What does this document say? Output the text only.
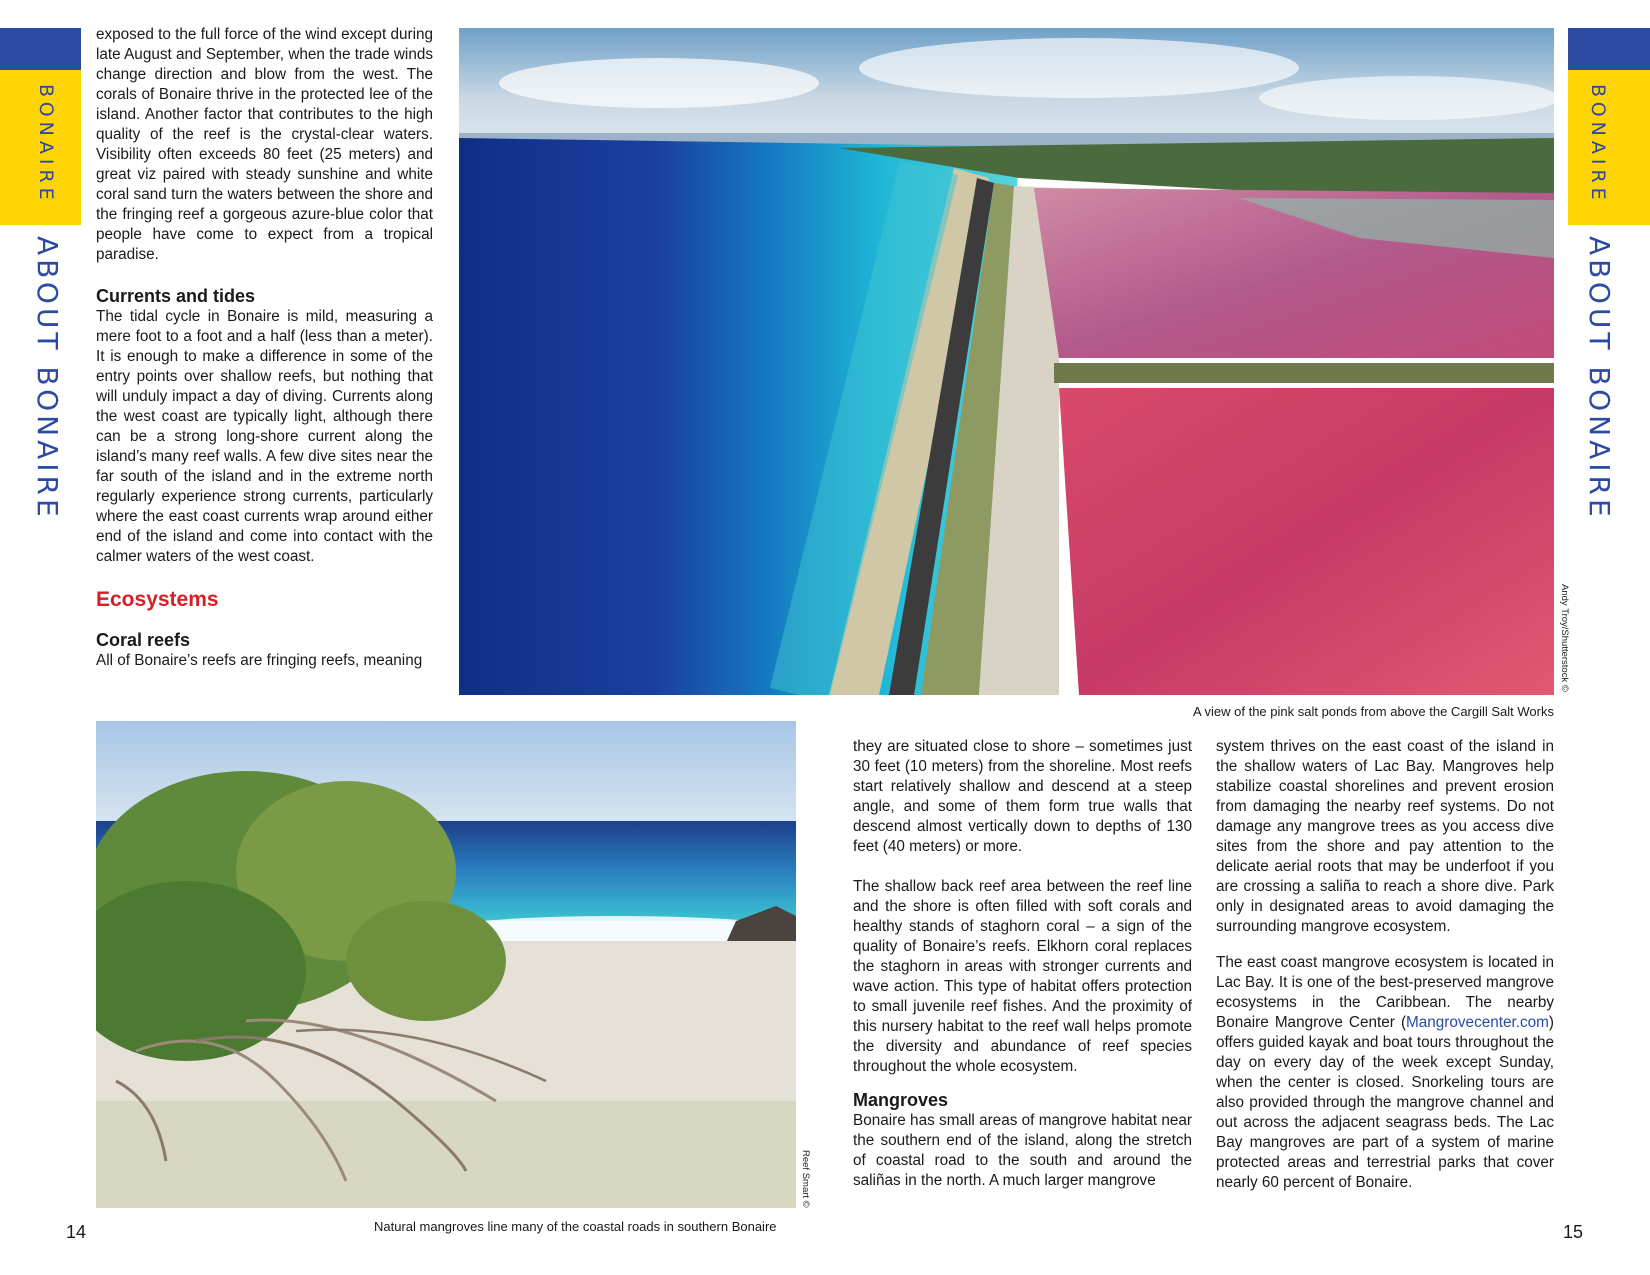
BONAIRE
ABOUT BONAIRE
BONAIRE
ABOUT BONAIRE

exposed to the full force of the wind except during late August and September, when the trade winds change direction and blow from the west. The corals of Bonaire thrive in the protected lee of the island. Another factor that contributes to the high quality of the reef is the crystal-clear waters. Visibility often exceeds 80 feet (25 meters) and great viz paired with steady sunshine and white coral sand turn the waters between the shore and the fringing reef a gorgeous azure-blue color that people have come to expect from a tropical paradise.

Currents and tides

The tidal cycle in Bonaire is mild, measuring a mere foot to a foot and a half (less than a meter). It is enough to make a difference in some of the entry points over shallow reefs, but nothing that will unduly impact a day of diving. Currents along the west coast are typically light, although there can be a strong long-shore current along the island’s many reef walls. A few dive sites near the far south of the island and in the extreme north regularly experience strong currents, particularly where the east coast currents wrap around either end of the island and come into contact with the calmer waters of the west coast.

Ecosystems

Coral reefs

All of Bonaire’s reefs are fringing reefs, meaning	Andy Troy/Shutterstock ©
A view of the pink salt ponds from above the Cargill Salt Works
Reef Smart ©
Natural mangroves line many of the coastal roads in southern Bonaire

they are situated close to shore – sometimes just 30 feet (10 meters) from the shoreline. Most reefs start relatively shallow and descend at a steep angle, and some of them form true walls that descend almost vertically down to depths of 130 feet (40 meters) or more.

The shallow back reef area between the reef line and the shore is often filled with soft corals and healthy stands of staghorn coral – a sign of the quality of Bonaire’s reefs. Elkhorn coral replaces the staghorn in areas with stronger currents and wave action. This type of habitat offers protection to small juvenile reef fishes. And the proximity of this nursery habitat to the reef wall helps promote the diversity and abundance of reef species throughout the whole ecosystem.

Mangroves

Bonaire has small areas of mangrove habitat near the southern end of the island, along the stretch of coastal road to the south and around the saliñas in the north. A much larger mangrove

system thrives on the east coast of the island in the shallow waters of Lac Bay. Mangroves help stabilize coastal shorelines and prevent erosion from damaging the nearby reef systems. Do not damage any mangrove trees as you access dive sites from the shore and pay attention to the delicate aerial roots that may be underfoot if you are crossing a saliña to reach a shore dive. Park only in designated areas to avoid damaging the surrounding mangrove ecosystem.

The east coast mangrove ecosystem is located in Lac Bay. It is one of the best-preserved mangrove ecosystems in the Caribbean. The nearby Bonaire Mangrove Center (Mangrovecenter.com) offers guided kayak and boat tours throughout the day on every day of the week except Sunday, when the center is closed. Snorkeling tours are also provided through the mangrove channel and out across the adjacent seagrass beds. The Lac Bay mangroves are part of a system of marine protected areas and terrestrial parks that cover nearly 60 percent of Bonaire.

14	15
